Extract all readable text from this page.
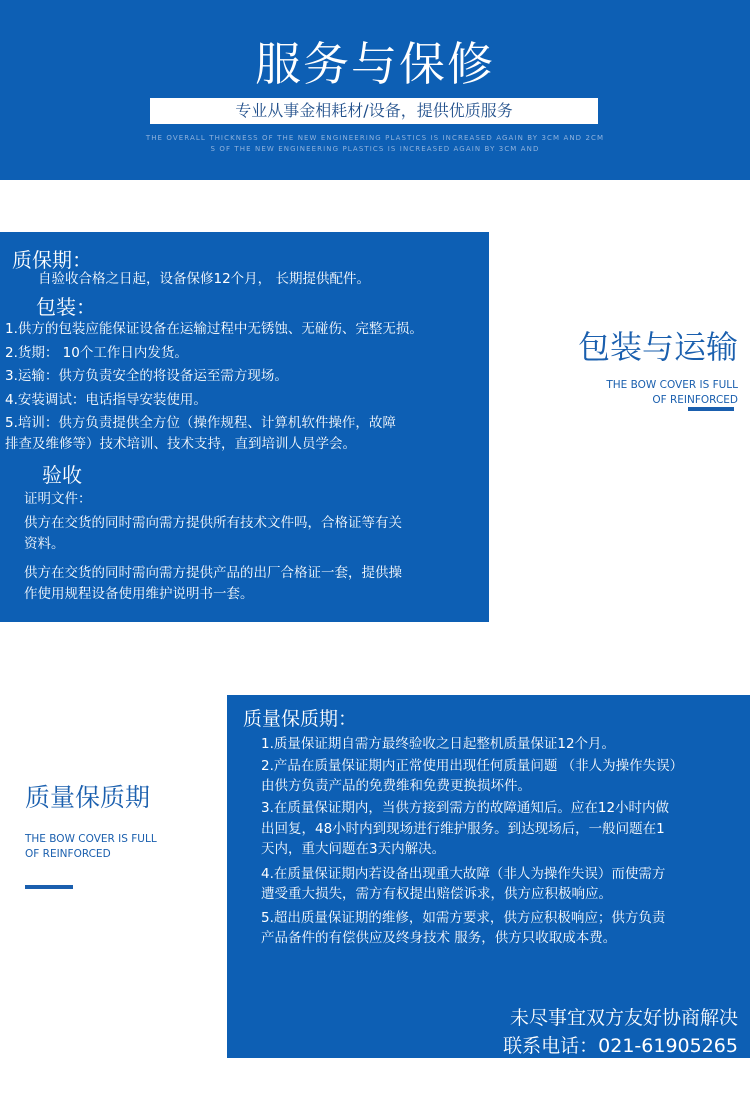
服务与保修
专业从事金相耗材/设备，提供优质服务
THE OVERALL THICKNESS OF THE NEW ENGINEERING PLASTICS IS INCREASED AGAIN BY 3CM AND 2CM
S OF THE NEW ENGINEERING PLASTICS IS INCREASED AGAIN BY 3CM AND
质保期：
自验收合格之日起，设备保修12个月， 长期提供配件。
包装：
1.供方的包装应能保证设备在运输过程中无锈蚀、无碰伤、完整无损。
2.货期： 10个工作日内发货。
3.运输：供方负责安全的将设备运至需方现场。
4.安装调试：电话指导安装使用。
5.培训：供方负责提供全方位（操作规程、计算机软件操作，故障
排查及维修等）技术培训、技术支持，直到培训人员学会。
验收
证明文件：
供方在交货的同时需向需方提供所有技术文件吗，合格证等有关
资料。
供方在交货的同时需向需方提供产品的出厂合格证一套，提供操
作使用规程设备使用维护说明书一套。
包装与运输
THE BOW COVER IS FULL
OF REINFORCED
质量保质期
THE BOW COVER IS FULL
OF REINFORCED
质量保质期：
1.质量保证期自需方最终验收之日起整机质量保证12个月。
2.产品在质量保证期内正常使用出现任何质量问题 （非人为操作失误）
由供方负责产品的免费维和免费更换损坏件。
3.在质量保证期内，当供方接到需方的故障通知后。应在12小时内做
出回复，48小时内到现场进行维护服务。到达现场后，一般问题在1
天内，重大问题在3天内解决。
4.在质量保证期内若设备出现重大故障（非人为操作失误）而使需方
遭受重大损失，需方有权提出赔偿诉求，供方应积极响应。
5.超出质量保证期的维修，如需方要求，供方应积极响应；供方负责
产品备件的有偿供应及终身技术 服务，供方只收取成本费。
未尽事宜双方友好协商解决
联系电话：021-61905265
